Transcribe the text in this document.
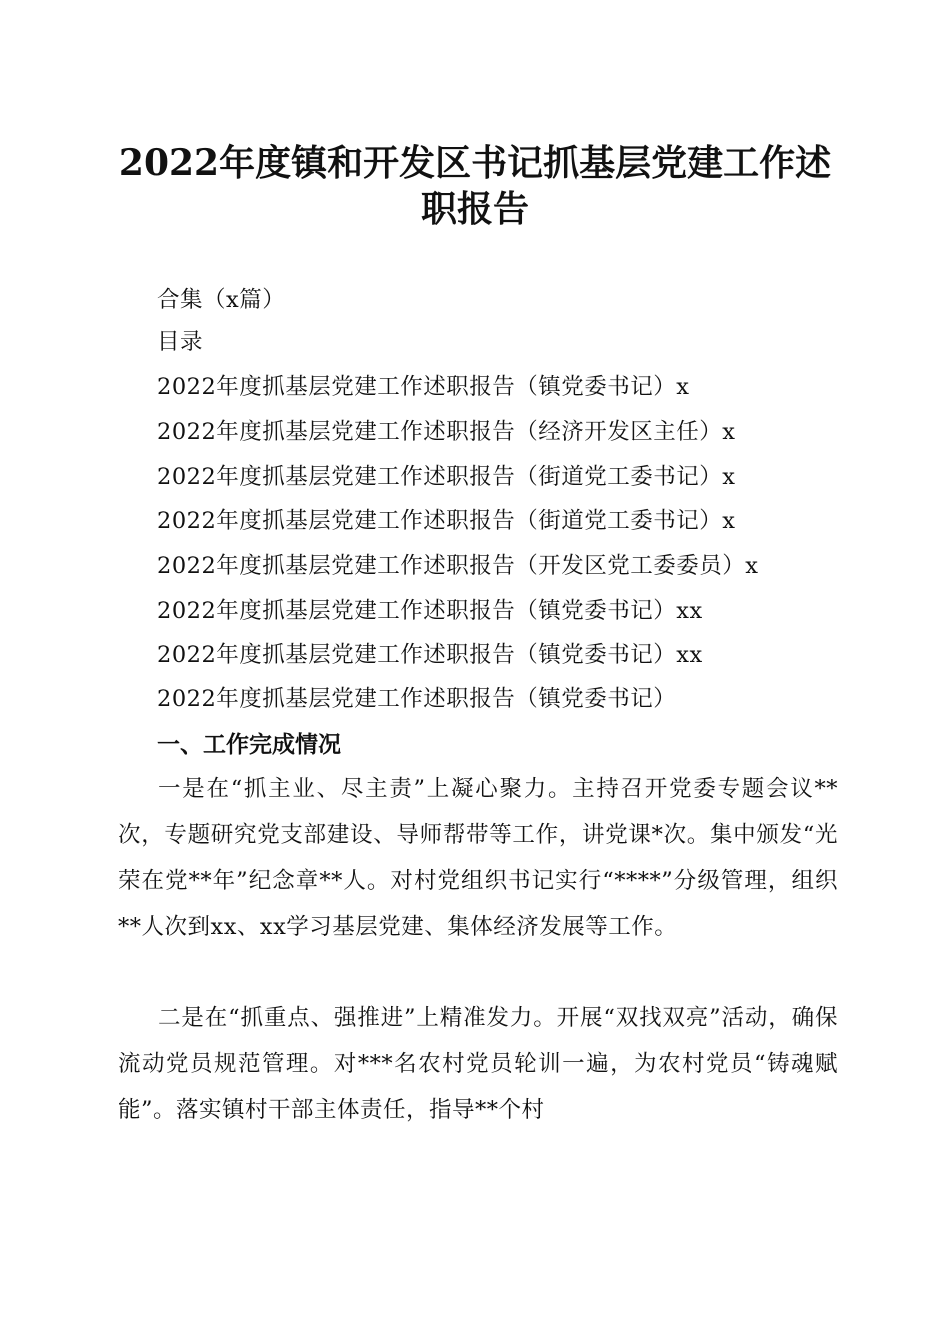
2022年度镇和开发区书记抓基层党建工作述
职报告
合集（x篇）
目录
2022年度抓基层党建工作述职报告（镇党委书记）x
2022年度抓基层党建工作述职报告（经济开发区主任）x
2022年度抓基层党建工作述职报告（街道党工委书记）x
2022年度抓基层党建工作述职报告（街道党工委书记）x
2022年度抓基层党建工作述职报告（开发区党工委委员）x
2022年度抓基层党建工作述职报告（镇党委书记）xx
2022年度抓基层党建工作述职报告（镇党委书记）xx
2022年度抓基层党建工作述职报告（镇党委书记）
一、工作完成情况
一是在“抓主业、尽主责”上凝心聚力。主持召开党委专题会议**次，专题研究党支部建设、导师帮带等工作，讲党课*次。集中颁发“光荣在党**年”纪念章**人。对村党组织书记实行“****”分级管理，组织**人次到xx、xx学习基层党建、集体经济发展等工作。
二是在“抓重点、强推进”上精准发力。开展“双找双亮”活动，确保流动党员规范管理。对***名农村党员轮训一遍，为农村党员“铸魂赋能”。落实镇村干部主体责任，指导**个村
